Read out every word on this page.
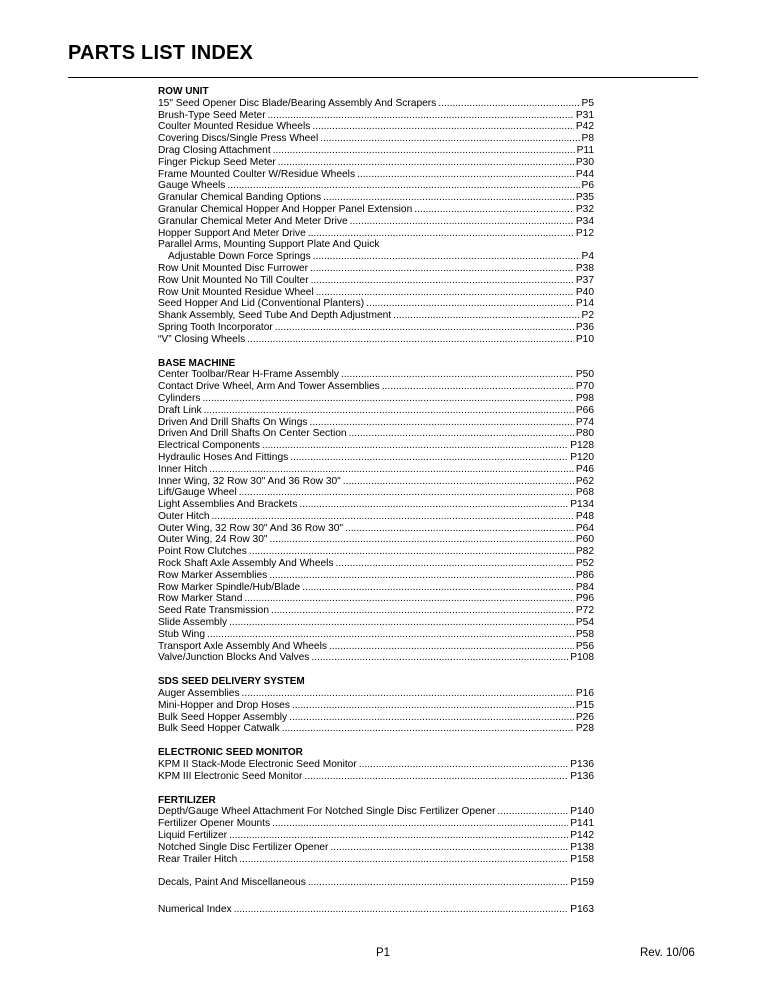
PARTS LIST INDEX
ROW UNIT
15" Seed Opener Disc Blade/Bearing Assembly And Scrapers .....	P5
Brush-Type Seed Meter .....	P31
Coulter Mounted Residue Wheels .....	P42
Covering Discs/Single Press Wheel .....	P8
Drag Closing Attachment .....	P11
Finger Pickup Seed Meter .....	P30
Frame Mounted Coulter W/Residue Wheels .....	P44
Gauge Wheels .....	P6
Granular Chemical Banding Options .....	P35
Granular Chemical Hopper And Hopper Panel Extension .....	P32
Granular Chemical Meter And Meter Drive .....	P34
Hopper Support And Meter Drive .....	P12
Parallel Arms, Mounting Support Plate And Quick
Adjustable Down Force Springs .....	P4
Row Unit Mounted Disc Furrower .....	P38
Row Unit Mounted No Till Coulter .....	P37
Row Unit Mounted Residue Wheel .....	P40
Seed Hopper And Lid (Conventional Planters) .....	P14
Shank Assembly, Seed Tube And Depth Adjustment .....	P2
Spring Tooth Incorporator .....	P36
“V” Closing Wheels .....	P10
BASE MACHINE
Center Toolbar/Rear H-Frame Assembly .....	P50
Contact Drive Wheel, Arm And Tower Assemblies .....	P70
Cylinders .....	P98
Draft Link .....	P66
Driven And Drill Shafts On Wings .....	P74
Driven And Drill Shafts On Center Section .....	P80
Electrical Components .....	P128
Hydraulic Hoses And Fittings .....	P120
Inner Hitch .....	P46
Inner Wing, 32 Row 30" And 36 Row 30" .....	P62
Lift/Gauge Wheel .....	P68
Light Assemblies And Brackets .....	P134
Outer Hitch .....	P48
Outer Wing, 32 Row 30" And 36 Row 30" .....	P64
Outer Wing, 24 Row 30" .....	P60
Point Row Clutches .....	P82
Rock Shaft Axle Assembly And Wheels .....	P52
Row Marker Assemblies .....	P86
Row Marker Spindle/Hub/Blade .....	P84
Row Marker Stand .....	P96
Seed Rate Transmission .....	P72
Slide Assembly .....	P54
Stub Wing .....	P58
Transport Axle Assembly And Wheels .....	P56
Valve/Junction Blocks And Valves .....	P108
SDS SEED DELIVERY SYSTEM
Auger Assemblies .....	P16
Mini-Hopper and Drop Hoses .....	P15
Bulk Seed Hopper Assembly .....	P26
Bulk Seed Hopper Catwalk .....	P28
ELECTRONIC SEED MONITOR
KPM II Stack-Mode Electronic Seed Monitor .....	P136
KPM III Electronic Seed Monitor .....	P136
FERTILIZER
Depth/Gauge Wheel Attachment For Notched Single Disc Fertilizer Opener .....	P140
Fertilizer Opener Mounts .....	P141
Liquid Fertilizer .....	P142
Notched Single Disc Fertilizer Opener .....	P138
Rear Trailer Hitch .....	P158
Decals, Paint And Miscellaneous .....	P159
Numerical Index .....	P163
P1	Rev. 10/06
